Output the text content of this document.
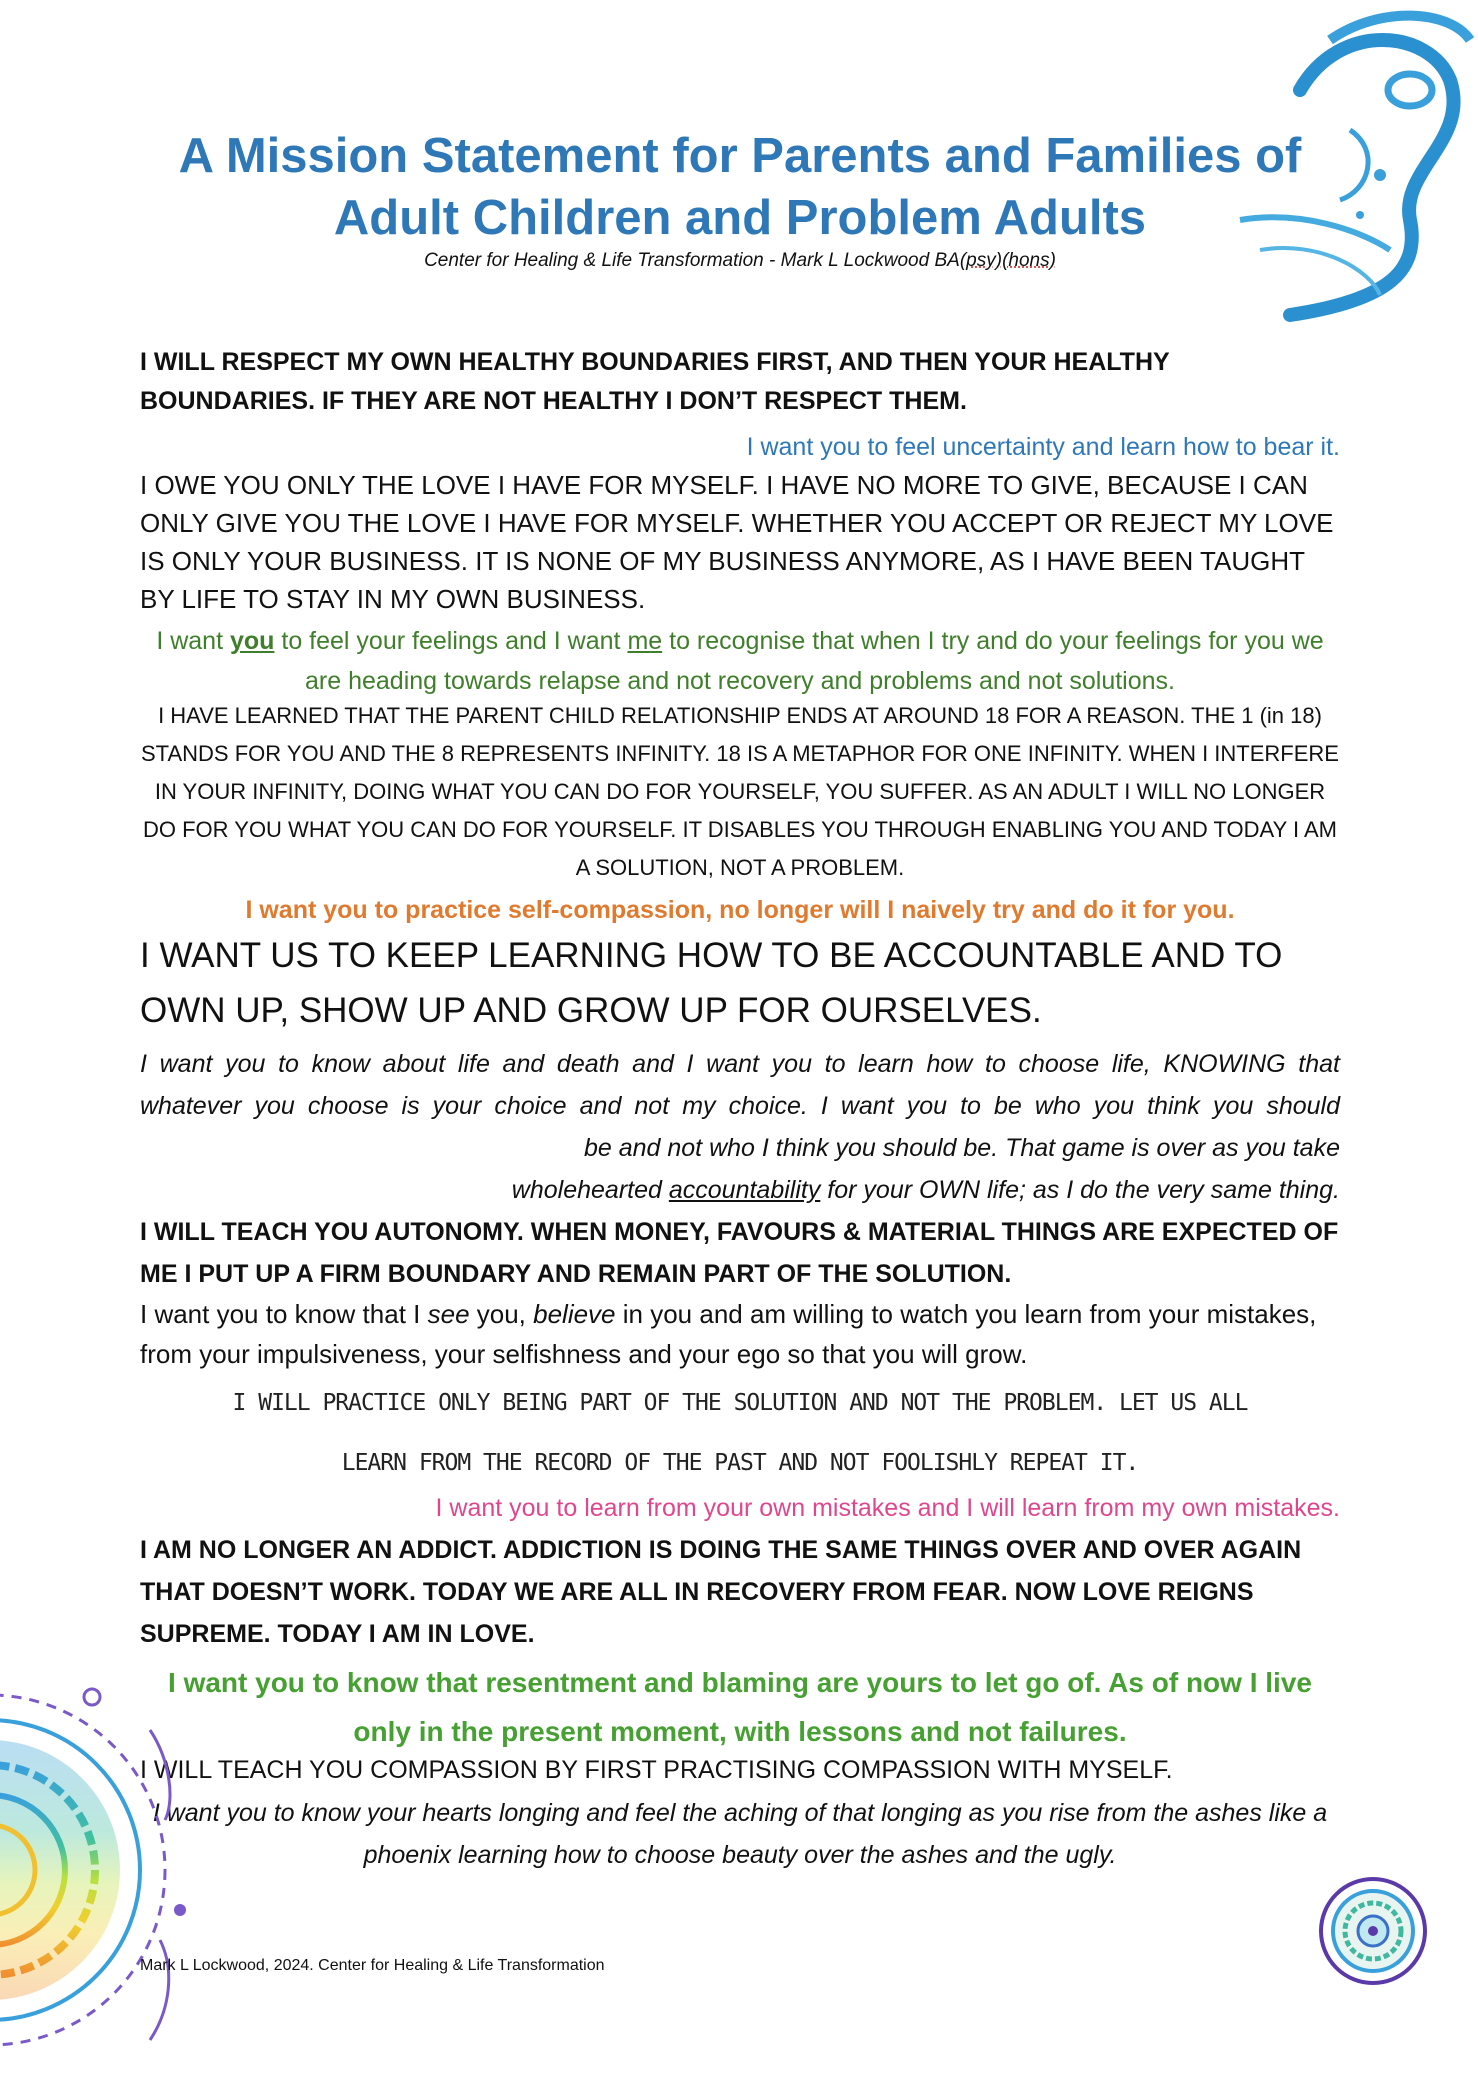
A Mission Statement for Parents and Families of
Adult Children and Problem Adults
Center for Healing & Life Transformation - Mark L Lockwood BA(psy)(hons)

I WILL RESPECT MY OWN HEALTHY BOUNDARIES FIRST, AND THEN YOUR HEALTHY BOUNDARIES. IF THEY ARE NOT HEALTHY I DON’T RESPECT THEM.

I want you to feel uncertainty and learn how to bear it.

I OWE YOU ONLY THE LOVE I HAVE FOR MYSELF. I HAVE NO MORE TO GIVE, BECAUSE I CAN ONLY GIVE YOU THE LOVE I HAVE FOR MYSELF. WHETHER YOU ACCEPT OR REJECT MY LOVE IS ONLY YOUR BUSINESS. IT IS NONE OF MY BUSINESS ANYMORE, AS I HAVE BEEN TAUGHT BY LIFE TO STAY IN MY OWN BUSINESS.

I want you to feel your feelings and I want me to recognise that when I try and do your feelings for you we are heading towards relapse and not recovery and problems and not solutions.

I HAVE LEARNED THAT THE PARENT CHILD RELATIONSHIP ENDS AT AROUND 18 FOR A REASON. THE 1 (in 18) STANDS FOR YOU AND THE 8 REPRESENTS INFINITY. 18 IS A METAPHOR FOR ONE INFINITY. WHEN I INTERFERE IN YOUR INFINITY, DOING WHAT YOU CAN DO FOR YOURSELF, YOU SUFFER. AS AN ADULT I WILL NO LONGER DO FOR YOU WHAT YOU CAN DO FOR YOURSELF. IT DISABLES YOU THROUGH ENABLING YOU AND TODAY I AM A SOLUTION, NOT A PROBLEM.

I want you to practice self-compassion, no longer will I naively try and do it for you.

I WANT US TO KEEP LEARNING HOW TO BE ACCOUNTABLE AND TO OWN UP, SHOW UP AND GROW UP FOR OURSELVES.

I want you to know about life and death and I want you to learn how to choose life, KNOWING that
whatever you choose is your choice and not my choice. I want you to be who you think you should
be and not who I think you should be. That game is over as you take
wholehearted accountability for your OWN life; as I do the very same thing.

I WILL TEACH YOU AUTONOMY. WHEN MONEY, FAVOURS & MATERIAL THINGS ARE EXPECTED OF ME I PUT UP A FIRM BOUNDARY AND REMAIN PART OF THE SOLUTION.

I want you to know that I see you, believe in you and am willing to watch you learn from your mistakes, from your impulsiveness, your selfishness and your ego so that you will grow.

I WILL PRACTICE ONLY BEING PART OF THE SOLUTION AND NOT THE PROBLEM. LET US ALL LEARN FROM THE RECORD OF THE PAST AND NOT FOOLISHLY REPEAT IT.

I want you to learn from your own mistakes and I will learn from my own mistakes.

I AM NO LONGER AN ADDICT. ADDICTION IS DOING THE SAME THINGS OVER AND OVER AGAIN THAT DOESN’T WORK. TODAY WE ARE ALL IN RECOVERY FROM FEAR. NOW LOVE REIGNS SUPREME. TODAY I AM IN LOVE.

I want you to know that resentment and blaming are yours to let go of. As of now I live only in the present moment, with lessons and not failures.

I WILL TEACH YOU COMPASSION BY FIRST PRACTISING COMPASSION WITH MYSELF.

I want you to know your hearts longing and feel the aching of that longing as you rise from the ashes like a phoenix learning how to choose beauty over the ashes and the ugly.

Mark L Lockwood, 2024. Center for Healing & Life Transformation
